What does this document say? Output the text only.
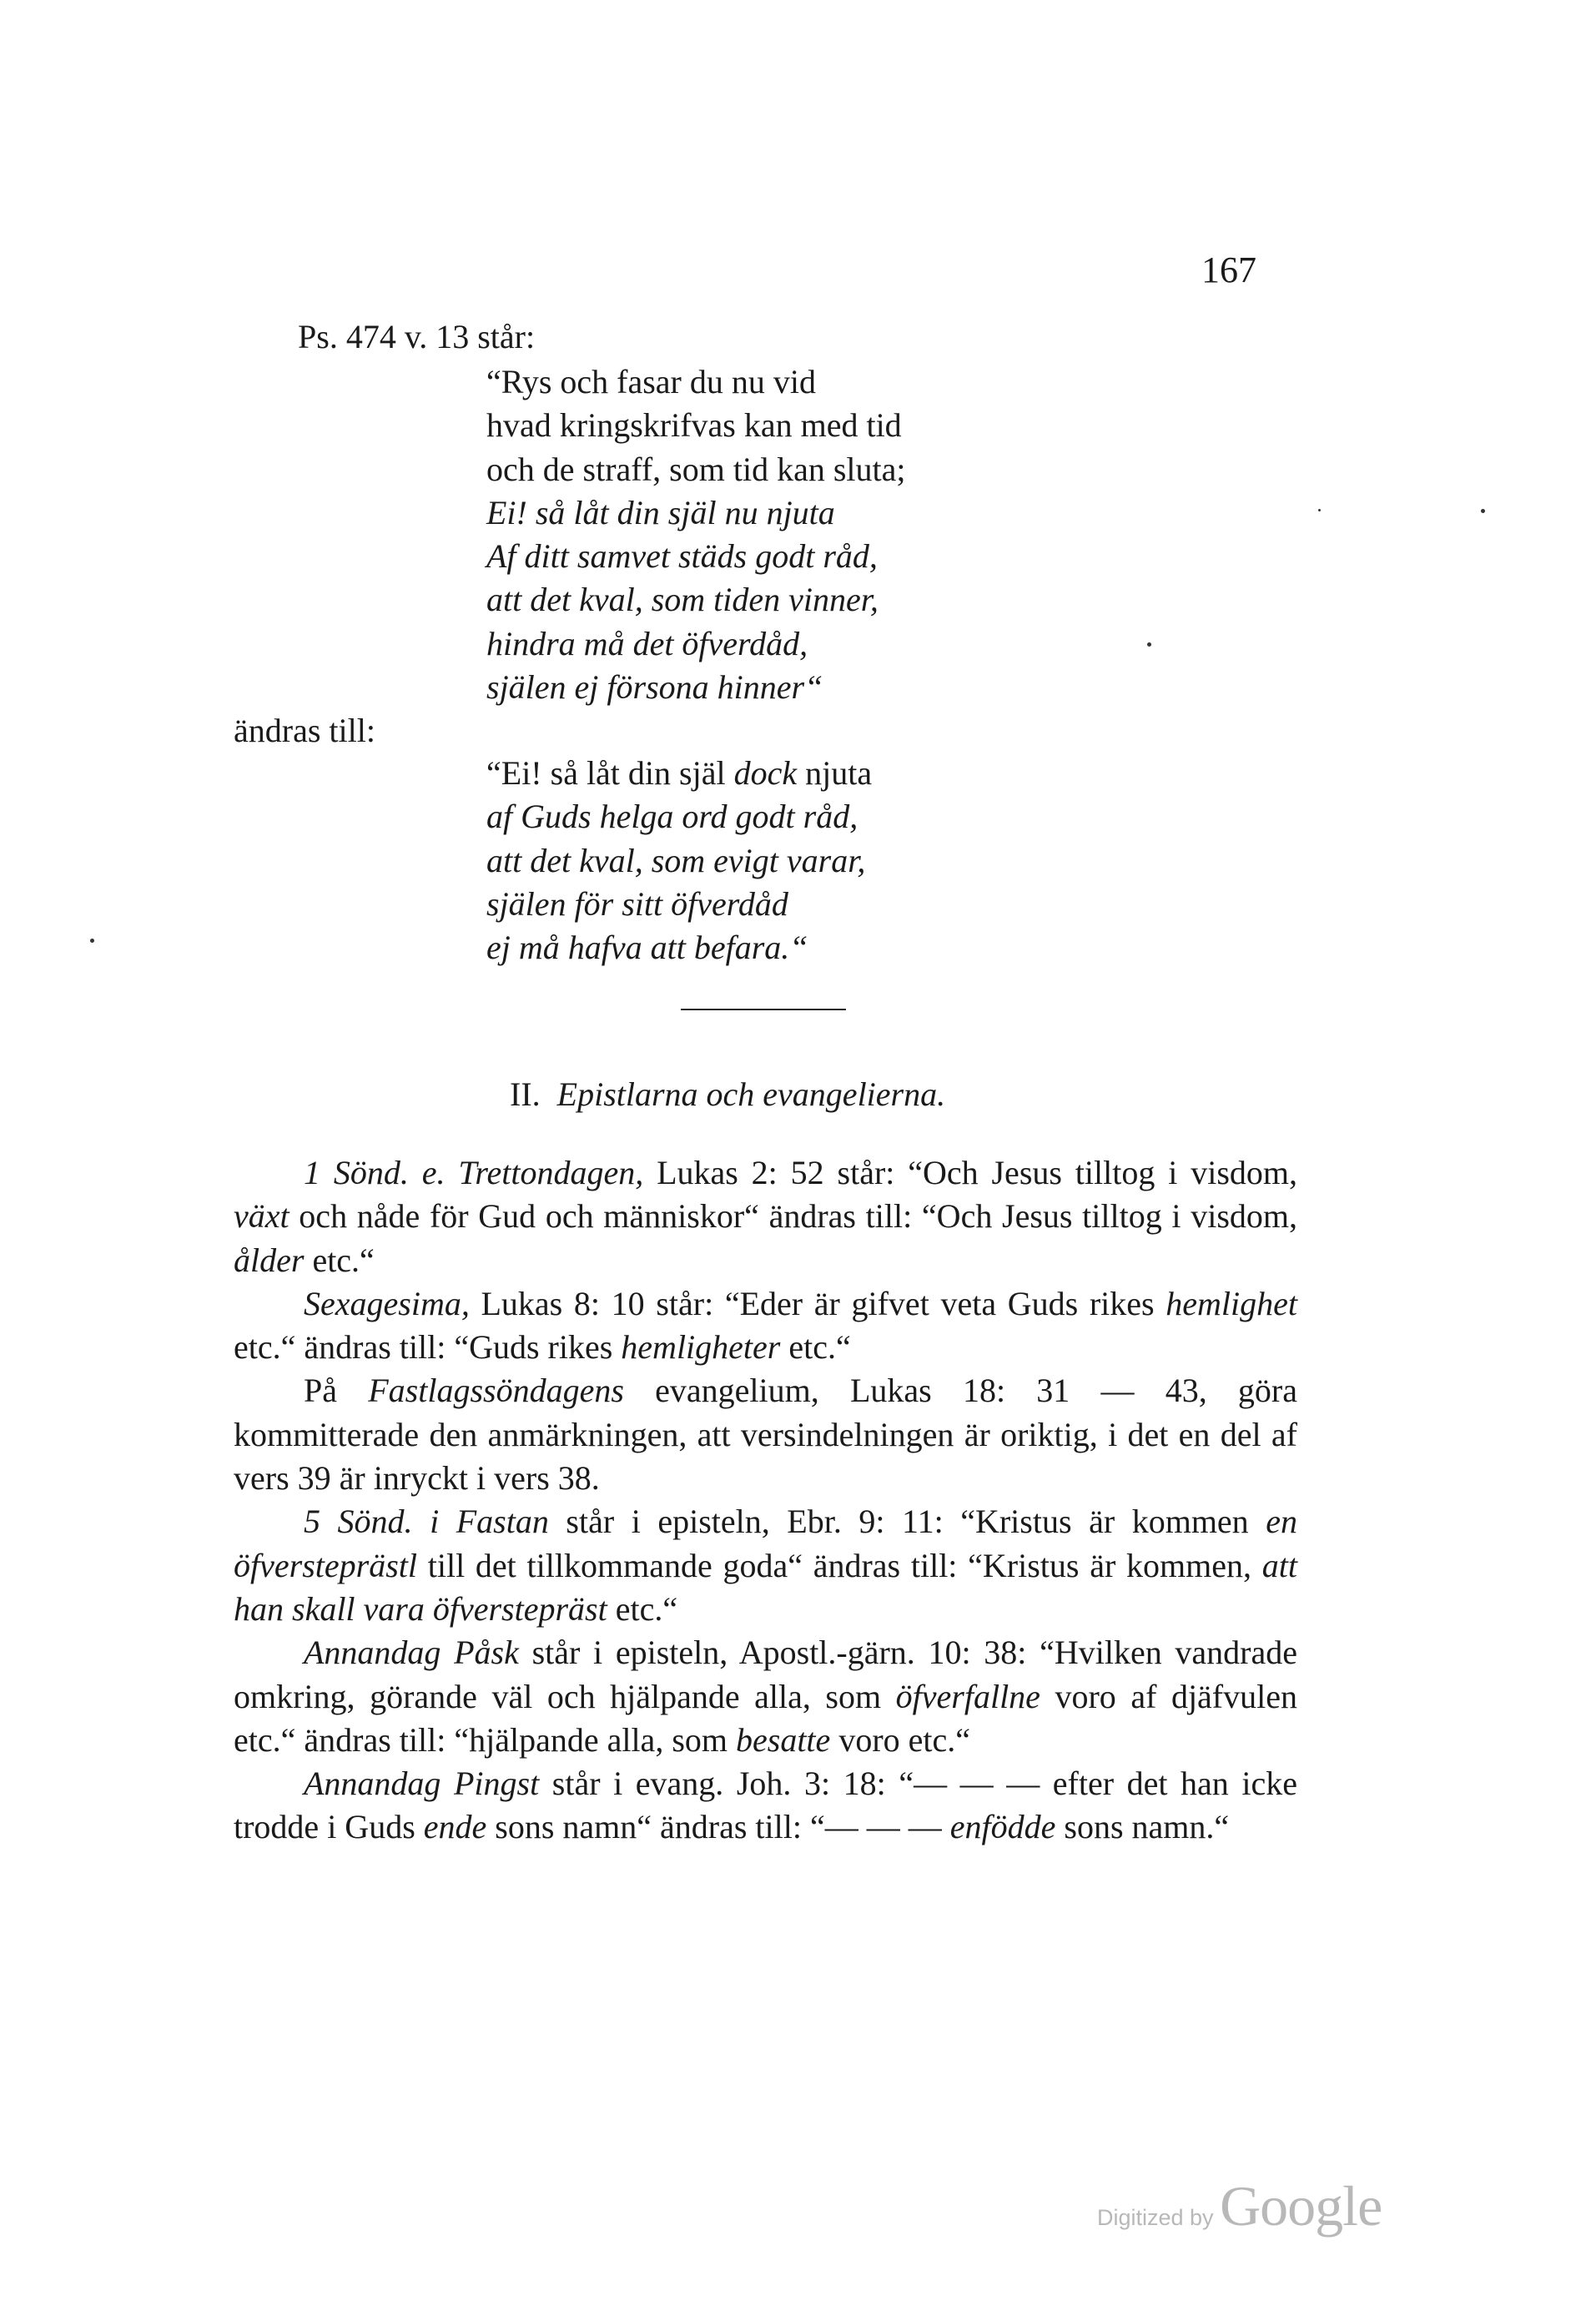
167
Ps. 474 v. 13 står:
“Rys och fasar du nu vid
hvad kringskrifvas kan med tid
och de straff, som tid kan sluta;
Ei! så låt din själ nu njuta
Af ditt samvet städs godt råd,
att det kval, som tiden vinner,
hindra må det öfverdåd,
själen ej försona hinner“
ändras till:
“Ei! så låt din själ dock njuta
af Guds helga ord godt råd,
att det kval, som evigt varar,
själen för sitt öfverdåd
ej må hafva att befara.“
II. Epistlarna och evangelierna.

1 Sönd. e. Trettondagen, Lukas 2: 52 står: “Och Jesus tilltog i visdom, växt och nåde för Gud och människor“ ändras till: “Och Jesus tilltog i visdom, ålder etc.“

Sexagesima, Lukas 8: 10 står: “Eder är gifvet veta Guds rikes hemlighet etc.“ ändras till: “Guds rikes hemligheter etc.“

På Fastlagssöndagens evangelium, Lukas 18: 31 — 43, göra kommitterade den anmärkningen, att versindelningen är oriktig, i det en del af vers 39 är inryckt i vers 38.

5 Sönd. i Fastan står i episteln, Ebr. 9: 11: “Kristus är kommen en öfversteprästl till det tillkommande goda“ ändras till: “Kristus är kommen, att han skall vara öfverstepräst etc.“

Annandag Påsk står i episteln, Apostl.-gärn. 10: 38: “Hvilken vandrade omkring, görande väl och hjälpande alla, som öfverfallne voro af djäfvulen etc.“ ändras till: “hjälpande alla, som besatte voro etc.“

Annandag Pingst står i evang. Joh. 3: 18: “— — — efter det han icke trodde i Guds ende sons namn“ ändras till: “— — — enfödde sons namn.“

Digitized by Google
